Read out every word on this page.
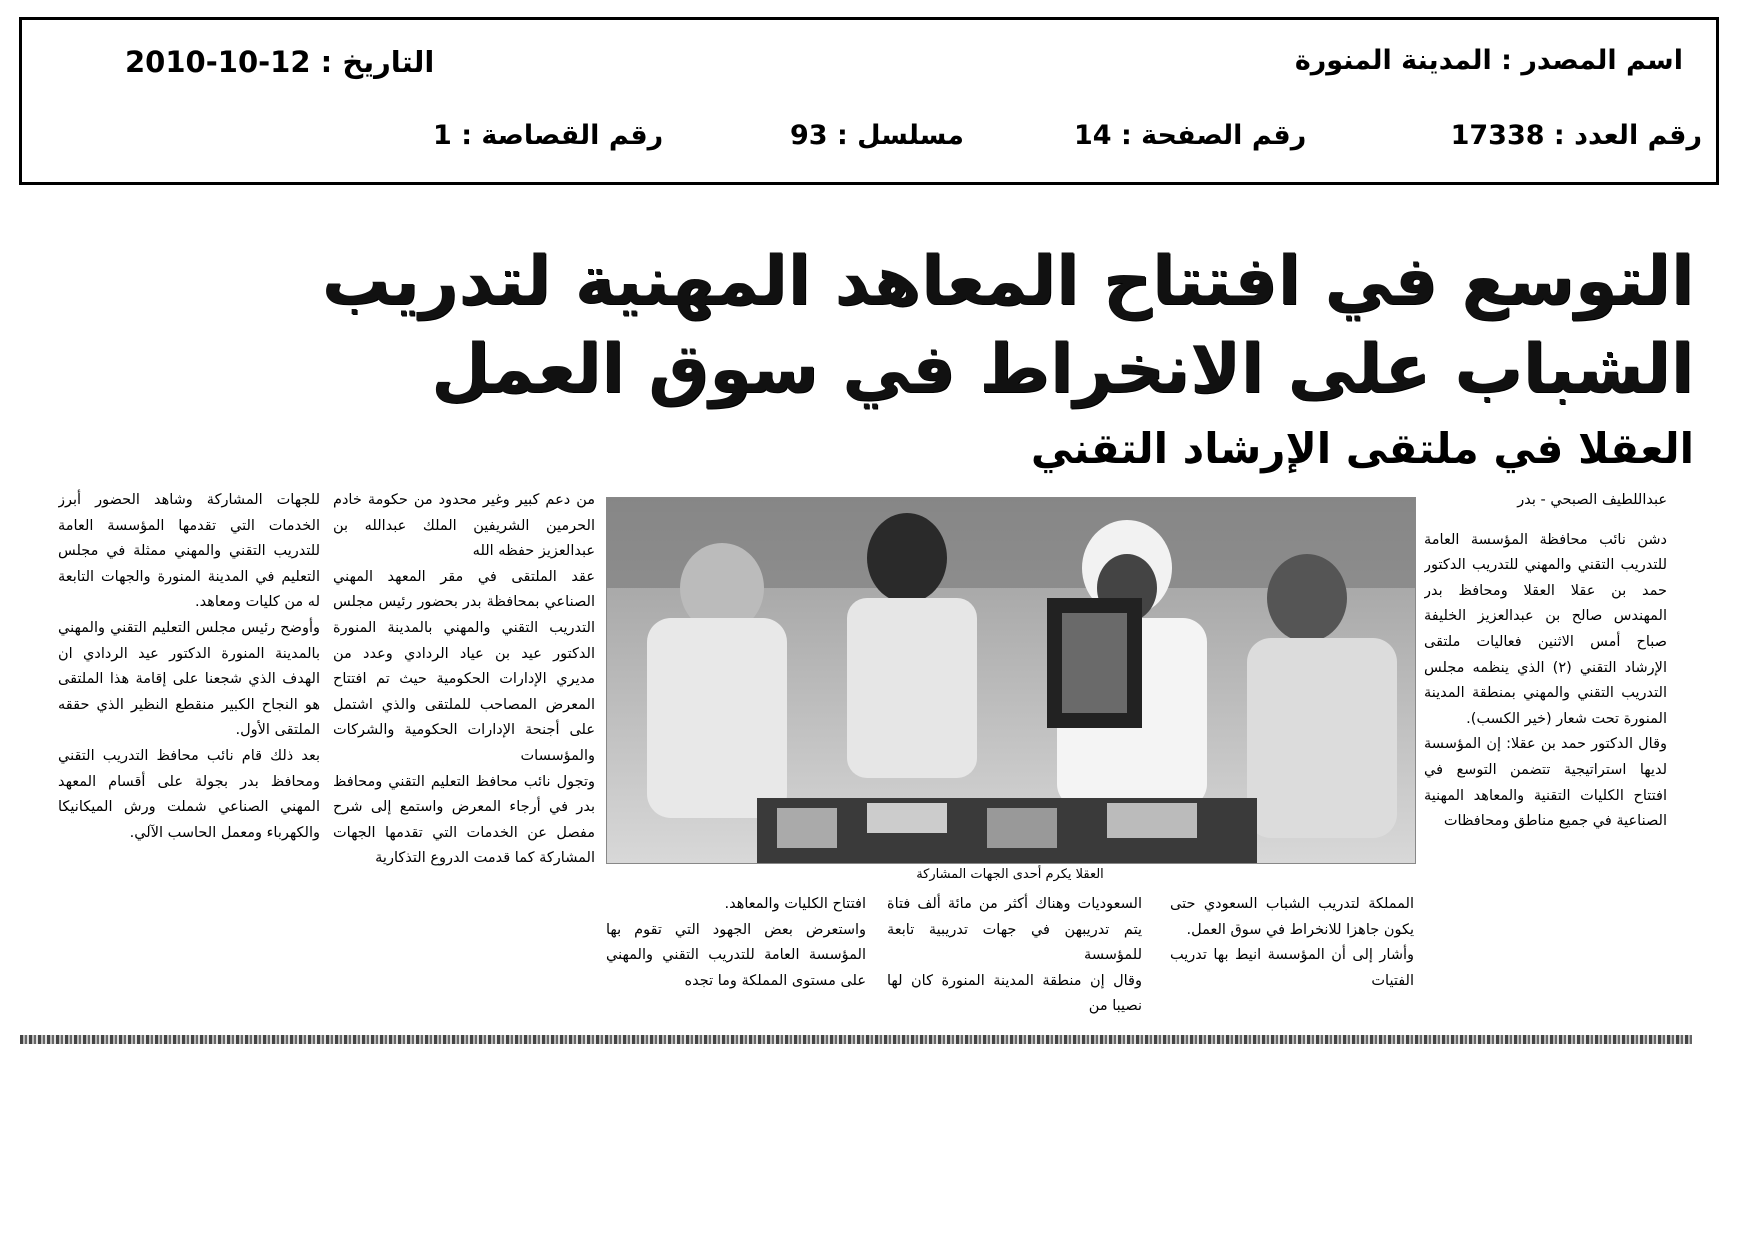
اسم المصدر : المدينة المنورة
التاريخ : 12-10-2010
رقم العدد : 17338
رقم الصفحة : 14
مسلسل : 93
رقم القصاصة : 1
التوسع في افتتاح المعاهد المهنية لتدريب
الشباب على الانخراط في سوق العمل
العقلا في ملتقى الإرشاد التقني
العقلا يكرم أحدى الجهات المشاركة

عبداللطيف الصبحي - بدر

دشن نائب محافظة المؤسسة العامة للتدريب التقني والمهني للتدريب الدكتور حمد بن عقلا العقلا ومحافظ بدر المهندس صالح بن عبدالعزيز الخليفة صباح أمس الاثنين فعاليات ملتقى الإرشاد التقني (٢) الذي ينظمه مجلس التدريب التقني والمهني بمنطقة المدينة المنورة تحت شعار (خير الكسب).

وقال الدكتور حمد بن عقلا: إن المؤسسة لديها استراتيجية تتضمن التوسع في افتتاح الكليات التقنية والمعاهد المهنية الصناعية في جميع مناطق ومحافظات

المملكة لتدريب الشباب السعودي حتى يكون جاهزا للانخراط في سوق العمل.

وأشار إلى أن المؤسسة انيط بها تدريب الفتيات

السعوديات وهناك أكثر من مائة ألف فتاة يتم تدريبهن في جهات تدريبية تابعة للمؤسسة

وقال إن منطقة المدينة المنورة كان لها نصيبا من

افتتاح الكليات والمعاهد.

واستعرض بعض الجهود التي تقوم بها المؤسسة العامة للتدريب التقني والمهني على مستوى المملكة وما تجده

من دعم كبير وغير محدود من حكومة خادم الحرمين الشريفين الملك عبدالله بن عبدالعزيز حفظه الله

عقد الملتقى في مقر المعهد المهني الصناعي بمحافظة بدر بحضور رئيس مجلس التدريب التقني والمهني بالمدينة المنورة الدكتور عيد بن عياد الردادي وعدد من مديري الإدارات الحكومية حيث تم افتتاح المعرض المصاحب للملتقى والذي اشتمل على أجنحة الإدارات الحكومية والشركات والمؤسسات

وتجول نائب محافظ التعليم التقني ومحافظ بدر في أرجاء المعرض واستمع إلى شرح مفصل عن الخدمات التي تقدمها الجهات المشاركة كما قدمت الدروع التذكارية

للجهات المشاركة وشاهد الحضور أبرز الخدمات التي تقدمها المؤسسة العامة للتدريب التقني والمهني ممثلة في مجلس التعليم في المدينة المنورة والجهات التابعة له من كليات ومعاهد.

وأوضح رئيس مجلس التعليم التقني والمهني بالمدينة المنورة الدكتور عيد الردادي ان الهدف الذي شجعنا على إقامة هذا الملتقى هو النجاح الكبير منقطع النظير الذي حققه الملتقى الأول.

بعد ذلك قام نائب محافظ التدريب التقني ومحافظ بدر بجولة على أقسام المعهد المهني الصناعي شملت ورش الميكانيكا والكهرباء ومعمل الحاسب الآلي.
